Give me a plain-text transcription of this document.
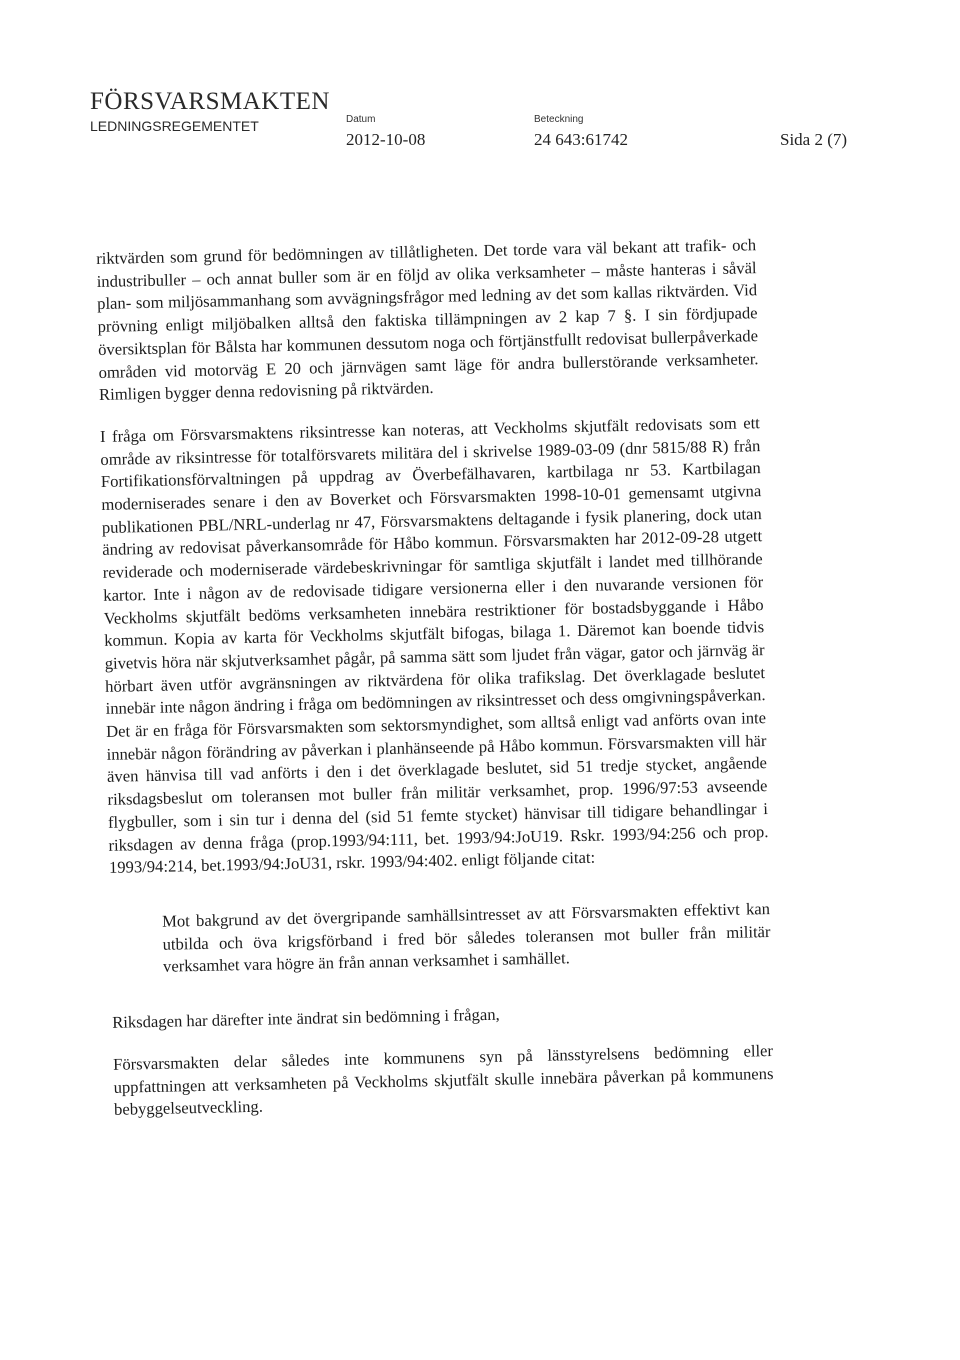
FÖRSVARSMAKTEN
LEDNINGSREGEMENTET	Datum
2012-10-08
Beteckning
24 643:61742	Sida 2 (7)

riktvärden som grund för bedömningen av tillåtligheten. Det torde vara väl bekant att trafik- och industribuller – och annat buller som är en följd av olika verksamheter – måste hanteras i såväl plan- som miljösammanhang som avvägningsfrågor med ledning av det som kallas riktvärden. Vid prövning enligt miljöbalken alltså den faktiska tillämpningen av 2 kap 7 §. I sin fördjupade översiktsplan för Bålsta har kommunen dessutom noga och förtjänstfullt redovisat bullerpåverkade områden vid motorväg E 20 och järnvägen samt läge för andra bullerstörande verksamheter. Rimligen bygger denna redovisning på riktvärden.

I fråga om Försvarsmaktens riksintresse kan noteras, att Veckholms skjutfält redovisats som ett område av riksintresse för totalförsvarets militära del i skrivelse 1989-03-09 (dnr 5815/88 R) från Fortifikationsförvaltningen på uppdrag av Överbefälhavaren, kartbilaga nr 53. Kartbilagan moderniserades senare i den av Boverket och Försvarsmakten 1998-10-01 gemensamt utgivna publikationen PBL/NRL-underlag nr 47, Försvarsmaktens deltagande i fysik planering, dock utan ändring av redovisat påverkansområde för Håbo kommun. Försvarsmakten har 2012-09-28 utgett reviderade och moderniserade värdebeskrivningar för samtliga skjutfält i landet med tillhörande kartor. Inte i någon av de redovisade tidigare versionerna eller i den nuvarande versionen för Veckholms skjutfält bedöms verksamheten innebära restriktioner för bostadsbyggande i Håbo kommun. Kopia av karta för Veckholms skjutfält bifogas, bilaga 1. Däremot kan boende tidvis givetvis höra när skjutverksamhet pågår, på samma sätt som ljudet från vägar, gator och järnväg är hörbart även utför avgränsningen av riktvärdena för olika trafikslag. Det överklagade beslutet innebär inte någon ändring i fråga om bedömningen av riksintresset och dess omgivningspåverkan. Det är en fråga för Försvarsmakten som sektorsmyndighet, som alltså enligt vad anförts ovan inte innebär någon förändring av påverkan i planhänseende på Håbo kommun. Försvarsmakten vill här även hänvisa till vad anförts i den i det överklagade beslutet, sid 51 tredje stycket, angående riksdagsbeslut om toleransen mot buller från militär verksamhet, prop. 1996/97:53 avseende flygbuller, som i sin tur i denna del (sid 51 femte stycket) hänvisar till tidigare behandlingar i riksdagen av denna fråga (prop.1993/94:111, bet. 1993/94:JoU19. Rskr. 1993/94:256 och prop. 1993/94:214, bet.1993/94:JoU31, rskr. 1993/94:402. enligt följande citat:

Mot bakgrund av det övergripande samhällsintresset av att Försvarsmakten effektivt kan utbilda och öva krigsförband i fred bör således toleransen mot buller från militär verksamhet vara högre än från annan verksamhet i samhället.

Riksdagen har därefter inte ändrat sin bedömning i frågan,

Försvarsmakten delar således inte kommunens syn på länsstyrelsens bedömning eller uppfattningen att verksamheten på Veckholms skjutfält skulle innebära påverkan på kommunens bebyggelseutveckling.
